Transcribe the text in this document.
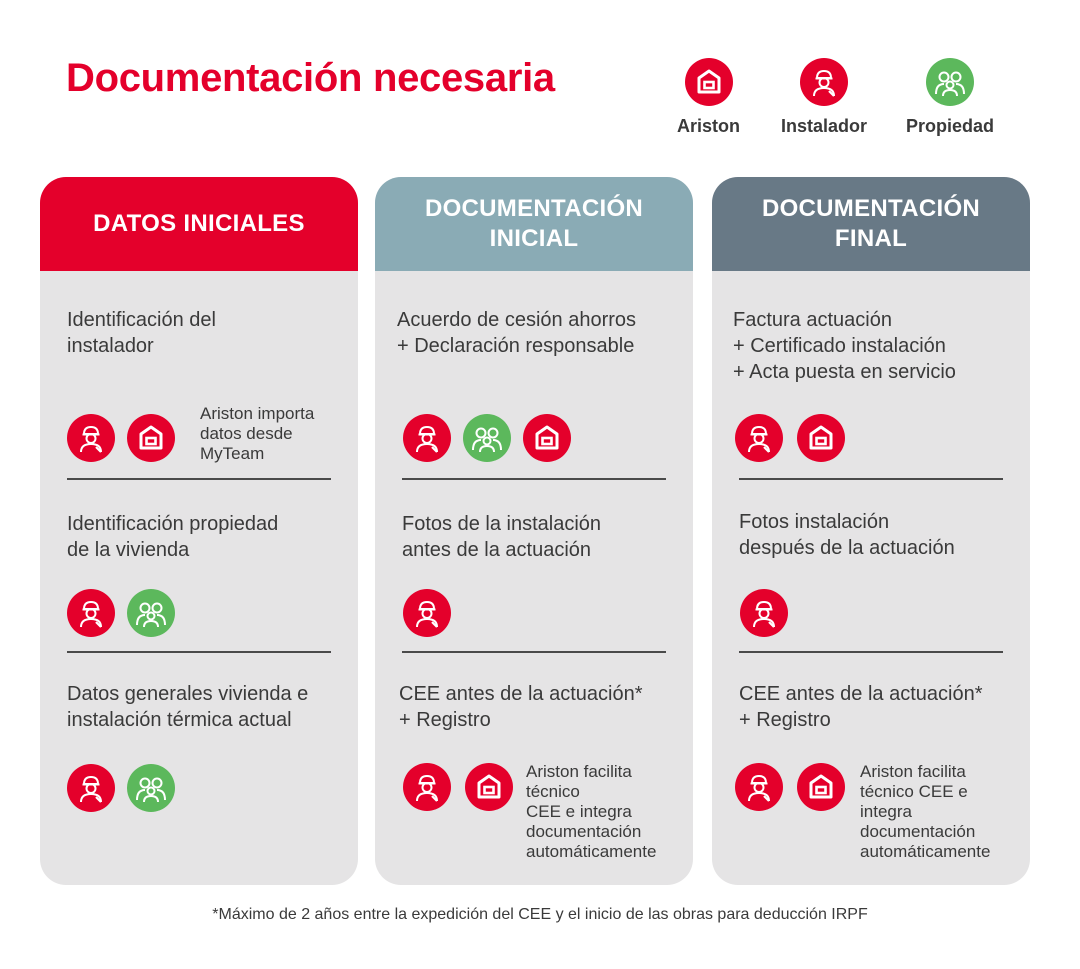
Documentación necesaria
Ariston Instalador Propiedad
DATOS INICIALES
Identificación del
instalador
Ariston importa
datos desde
MyTeam
Identificación propiedad
de la vivienda
Datos generales vivienda e
instalación térmica actual
DOCUMENTACIÓN
INICIAL
Acuerdo de cesión ahorros
+ Declaración responsable
Fotos de la instalación
antes de la actuación
CEE antes de la actuación*
+ Registro
Ariston facilita
técnico
CEE e integra
documentación
automáticamente
DOCUMENTACIÓN
FINAL
Factura actuación
+ Certificado instalación
+ Acta puesta en servicio
Fotos instalación
después de la actuación
CEE antes de la actuación*
+ Registro
Ariston facilita
técnico CEE e
integra
documentación
automáticamente
*Máximo de 2 años entre la expedición del CEE y el inicio de las obras para deducción IRPF
